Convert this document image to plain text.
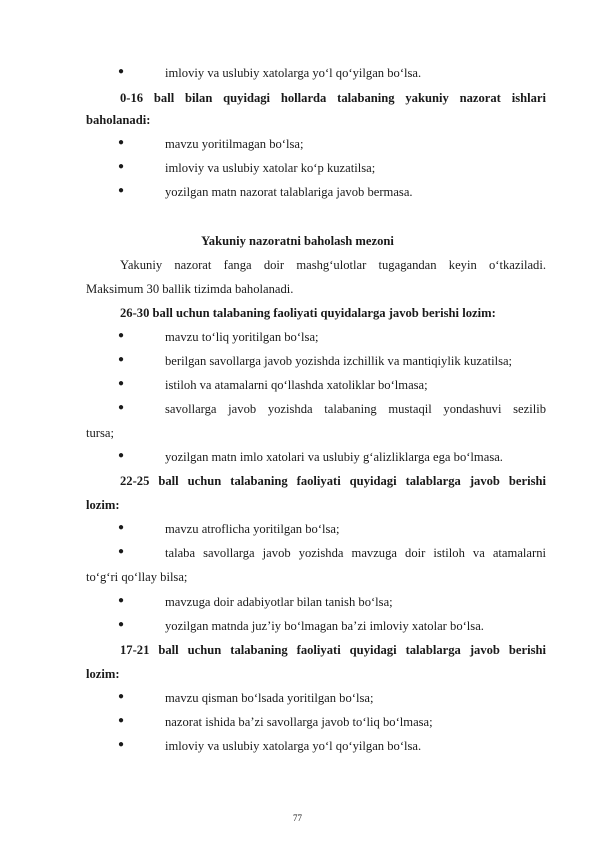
●	imloviy va uslubiy xatolarga yo‘l qo‘yilgan bo‘lsa.
0-16 ball bilan quyidagi hollarda talabaning yakuniy nazorat ishlari
baholanadi:
●	mavzu yoritilmagan bo‘lsa;
●	imloviy va uslubiy xatolar ko‘p kuzatilsa;
●	yozilgan matn nazorat talablariga javob bermasa.
Yakuniy nazoratni baholash mezoni
Yakuniy nazorat fanga doir mashg‘ulotlar tugagandan keyin o‘tkaziladi.
Maksimum 30 ballik tizimda baholanadi.
26-30 ball uchun talabaning faoliyati quyidalarga javob berishi lozim:
●	mavzu to‘liq yoritilgan bo‘lsa;
●	berilgan savollarga javob yozishda izchillik va mantiqiylik kuzatilsa;
●	istiloh va atamalarni qo‘llashda xatoliklar bo‘lmasa;
●	savollarga javob yozishda talabaning mustaqil yondashuvi sezilib
tursa;
●	yozilgan matn imlo xatolari va uslubiy g‘alizliklarga ega bo‘lmasa.
22-25 ball uchun talabaning faoliyati quyidagi talablarga javob berishi
lozim:
●	mavzu atroflicha yoritilgan bo‘lsa;
●	talaba savollarga javob yozishda mavzuga doir istiloh va atamalarni
to‘g‘ri qo‘llay bilsa;
●	mavzuga doir adabiyotlar bilan tanish bo‘lsa;
●	yozilgan matnda juz’iy bo‘lmagan ba’zi imloviy xatolar bo‘lsa.
17-21 ball uchun talabaning faoliyati quyidagi talablarga javob berishi
lozim:
●	mavzu qisman bo‘lsada yoritilgan bo‘lsa;
●	nazorat ishida ba’zi savollarga javob to‘liq bo‘lmasa;
●	imloviy va uslubiy xatolarga yo‘l qo‘yilgan bo‘lsa.
77
